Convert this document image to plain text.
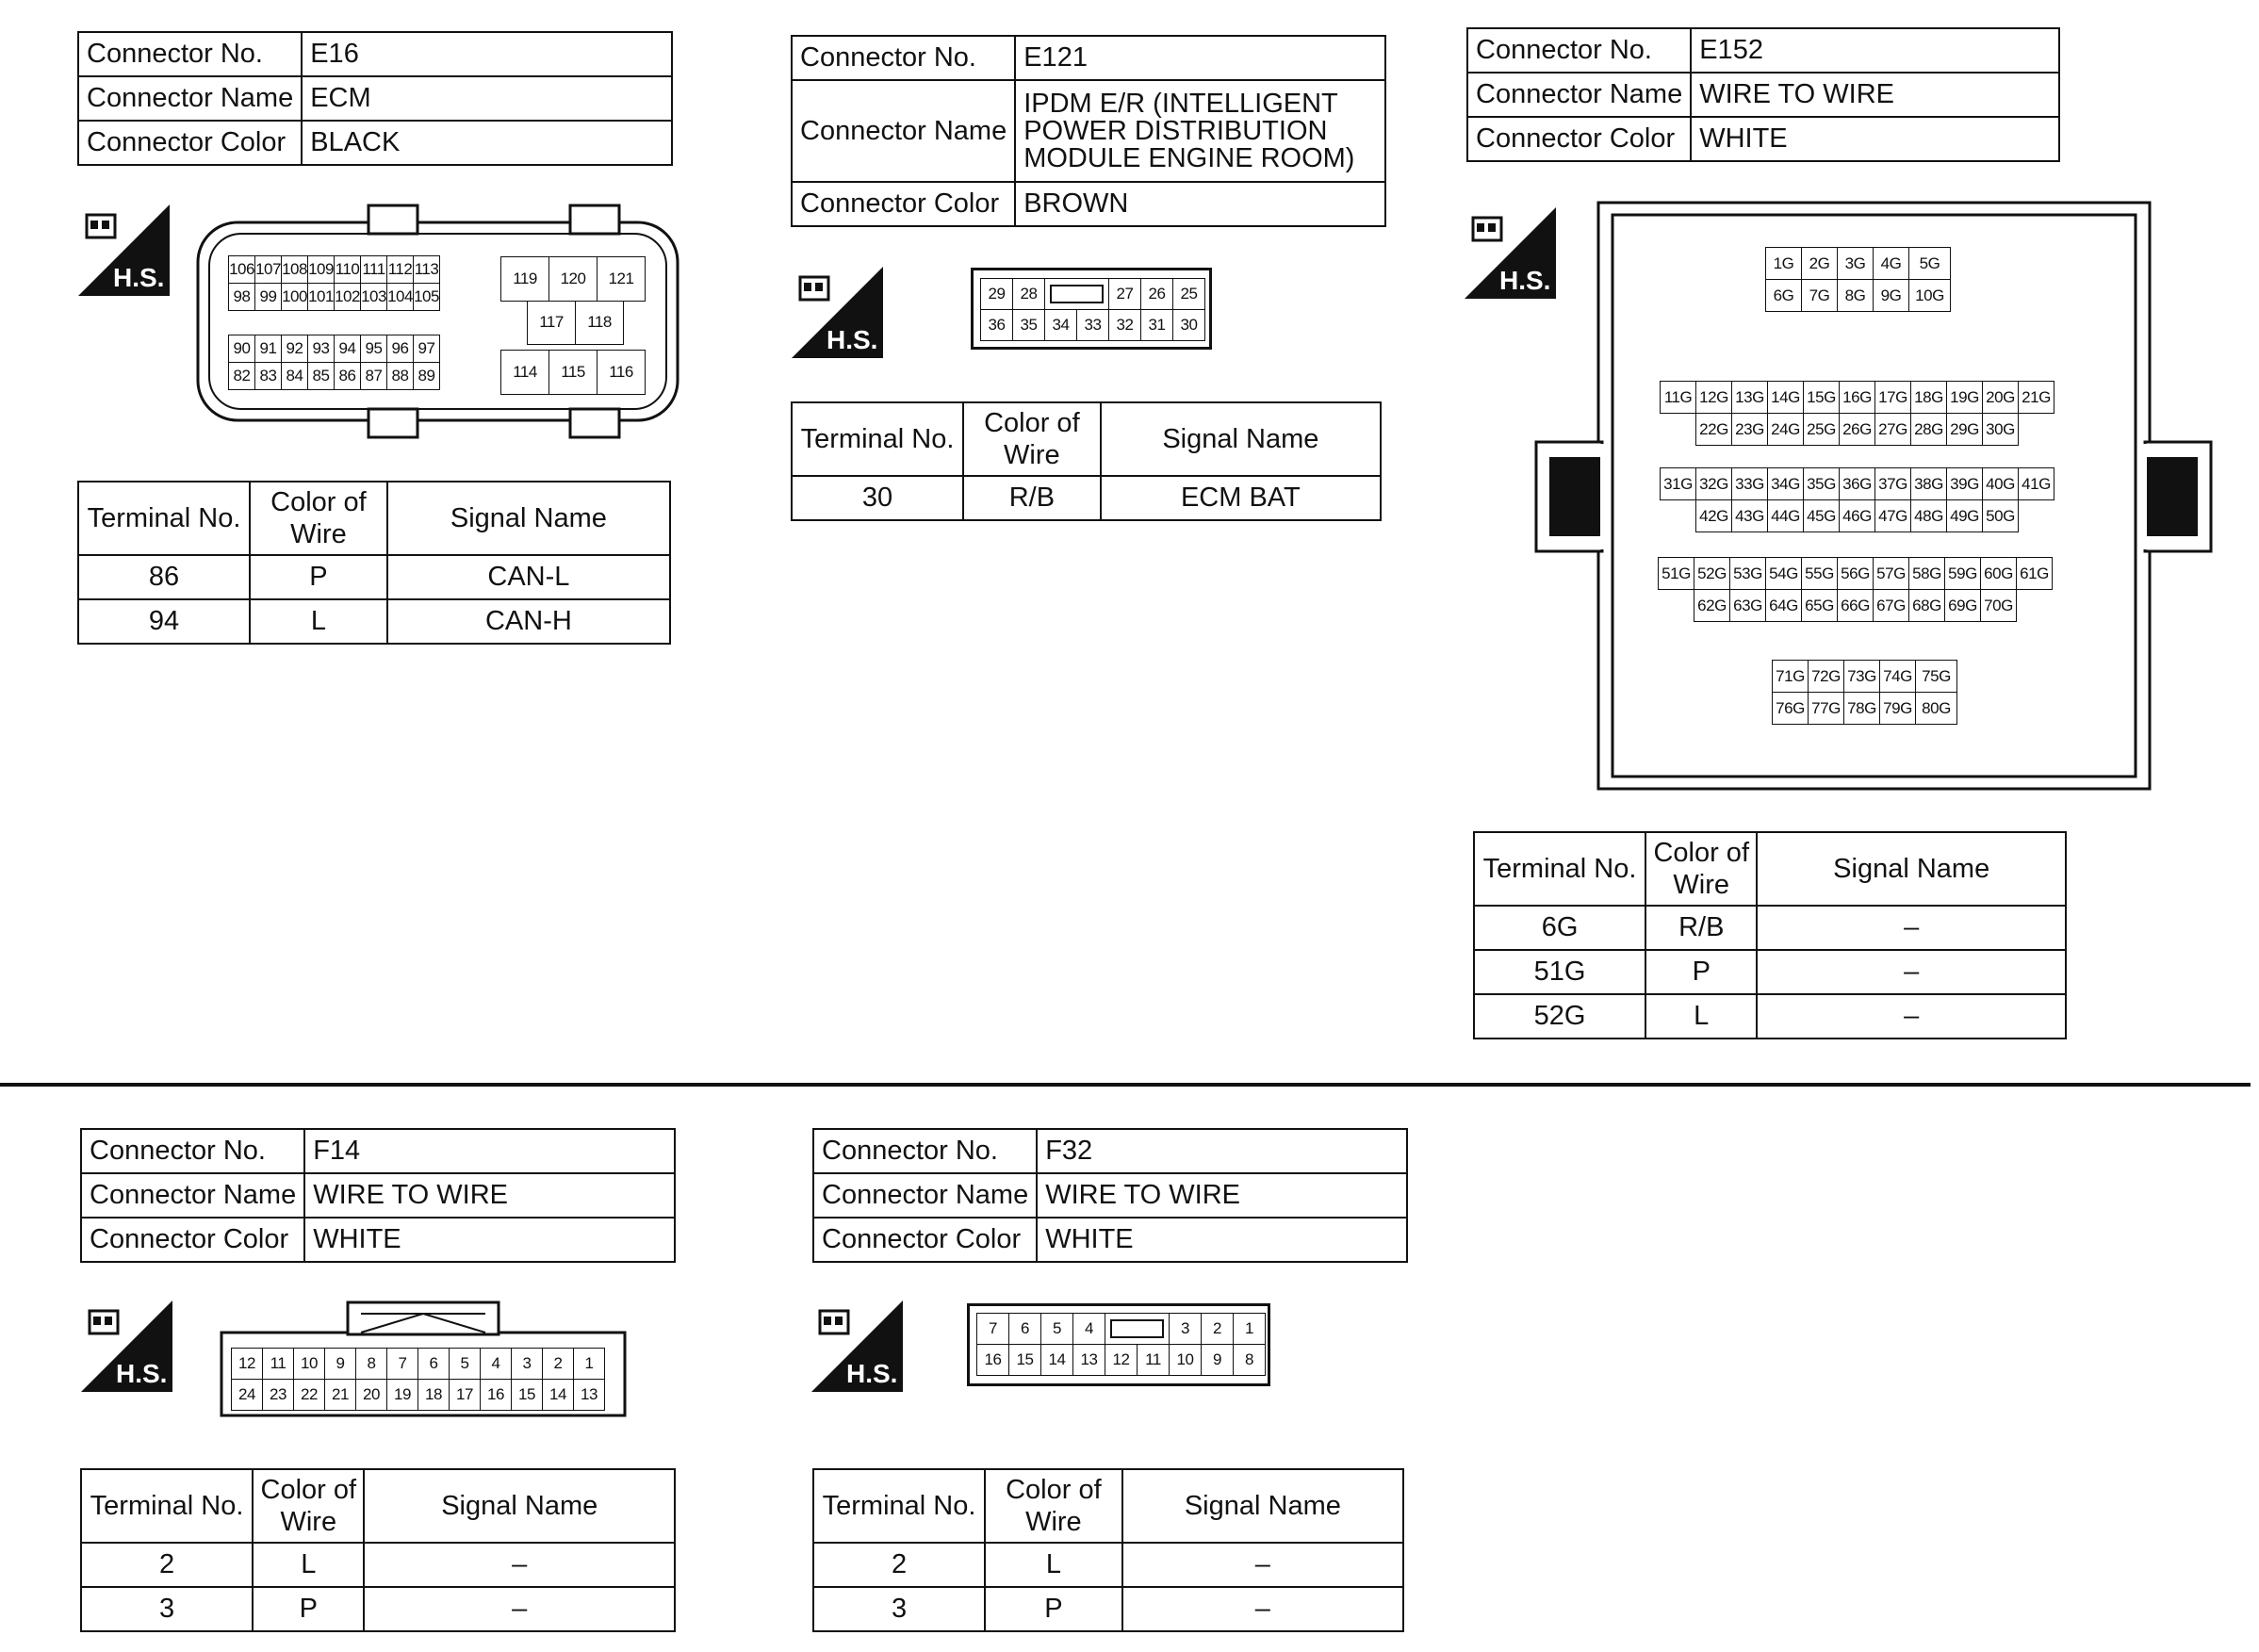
Connector No.	E16
Connector Name	ECM
Connector Color	BLACK
H.S.	106	107	108	109	110	111	112	113
98	99	100	101	102	103	104	105
90	91	92	93	94	95	96	97
82	83	84	85	86	87	88	89
119	120	121
117	118
114	115	116
Terminal No.	Color of Wire	Signal Name
86	P	CAN-L
94	L	CAN-H
Connector No.	E121
Connector Name	IPDM E/R (INTELLIGENT
POWER DISTRIBUTION
MODULE ENGINE ROOM)

Connector Color	BROWN
H.S.
29	28			27	26	25
36	35	34	33	32	31	30
Terminal No.	Color of Wire	Signal Name
30	R/B	ECM BAT
Connector No.	E152
Connector Name	WIRE TO WIRE
Connector Color	WHITE
H.S.
1G	2G	3G	4G	5G
6G	7G	8G	9G	10G
11G	12G	13G	14G	15G	16G	17G	18G	19G	20G	21G
	22G	23G	24G	25G	26G	27G	28G	29G	30G	
31G	32G	33G	34G	35G	36G	37G	38G	39G	40G	41G
	42G	43G	44G	45G	46G	47G	48G	49G	50G	
51G	52G	53G	54G	55G	56G	57G	58G	59G	60G	61G
	62G	63G	64G	65G	66G	67G	68G	69G	70G	
71G	72G	73G	74G	75G
76G	77G	78G	79G	80G
Terminal No.	Color of Wire	Signal Name
6G	R/B	–
51G	P	–
52G	L	–
Connector No.	F14
Connector Name	WIRE TO WIRE
Connector Color	WHITE
H.S.	12	11	10	9	8	7	6	5	4	3	2	1
24	23	22	21	20	19	18	17	16	15	14	13
Terminal No.	Color of Wire	Signal Name
2	L	–
3	P	–
Connector No.	F32
Connector Name	WIRE TO WIRE
Connector Color	WHITE
H.S.
7	6	5	4			3	2	1
16	15	14	13	12	11	10	9	8
Terminal No.	Color of Wire	Signal Name
2	L	–
3	P	–
